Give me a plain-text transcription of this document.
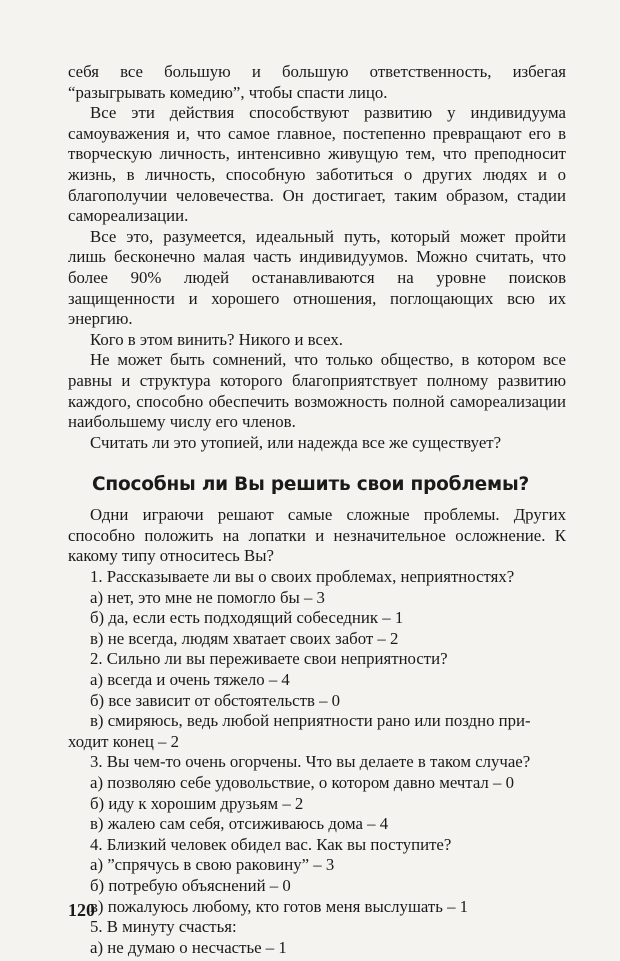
себя все большую и большую ответственность, избегая “разыгрывать комедию”, чтобы спасти лицо.

Все эти действия способствуют развитию у индивидуума самоуважения и, что самое главное, постепенно превращают его в творческую личность, интенсивно живущую тем, что преподносит жизнь, в личность, способную заботиться о других людях и о благополучии человечества. Он достигает, таким образом, стадии самореализации.

Все это, разумеется, идеальный путь, который может пройти лишь бесконечно малая часть индивидуумов. Можно считать, что более 90% людей останавливаются на уровне поисков защищенности и хорошего отношения, поглощающих всю их энергию.

Кого в этом винить? Никого и всех.

Не может быть сомнений, что только общество, в котором все равны и структура которого благоприятствует полному развитию каждого, способно обеспечить возможность полной самореализации наибольшему числу его членов.

Считать ли это утопией, или надежда все же существует?

Способны ли Вы решить свои проблемы?

Одни играючи решают самые сложные проблемы. Других способно положить на лопатки и незначительное осложнение. К какому типу относитесь Вы?

1. Рассказываете ли вы о своих проблемах, неприятностях?

а) нет, это мне не помогло бы – 3

б) да, если есть подходящий собеседник – 1

в) не всегда, людям хватает своих забот – 2

2. Сильно ли вы переживаете свои неприятности?

а) всегда и очень тяжело – 4

б) все зависит от обстоятельств – 0

в) смиряюсь, ведь любой неприятности рано или поздно при-

ходит конец – 2

3. Вы чем-то очень огорчены. Что вы делаете в таком случае?

а) позволяю себе удовольствие, о котором давно мечтал – 0

б) иду к хорошим друзьям – 2

в) жалею сам себя, отсиживаюсь дома – 4

4. Близкий человек обидел вас. Как вы поступите?

а) ”спрячусь в свою раковину” – 3

б) потребую объяснений – 0

в) пожалуюсь любому, кто готов меня выслушать – 1

5. В минуту счастья:

а) не думаю о несчастье – 1

120
